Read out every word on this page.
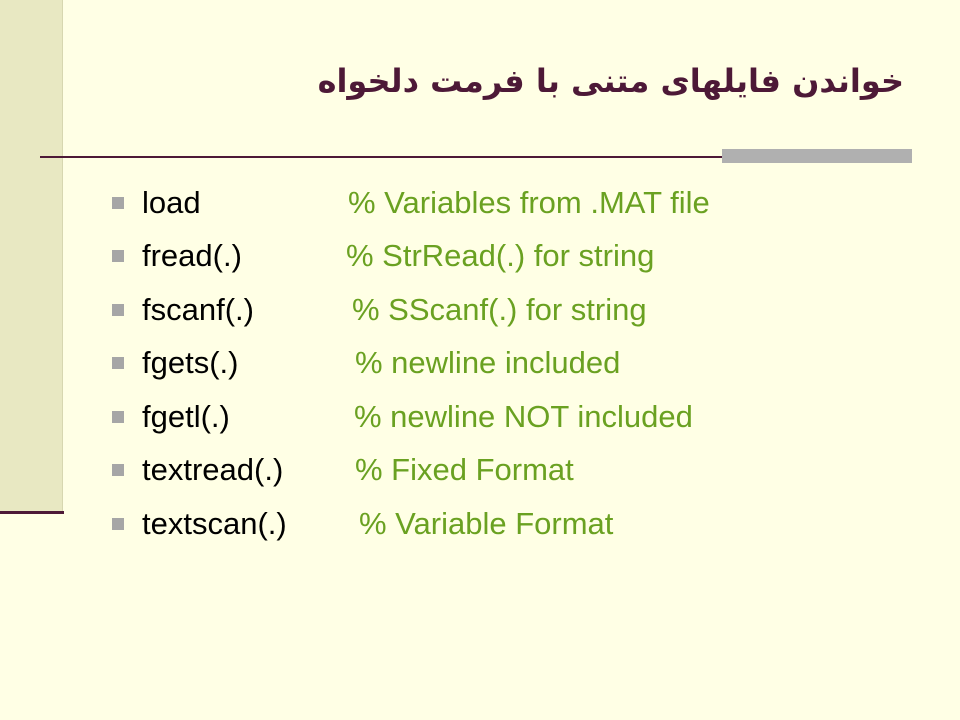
خواندن فایلهای متنی با فرمت دلخواه
load	% Variables from .MAT file
fread(.)	% StrRead(.) for string
fscanf(.)	% SScanf(.) for string
fgets(.)	% newline included
fgetl(.)	% newline NOT included
textread(.) % Fixed Format
textscan(.) % Variable Format
